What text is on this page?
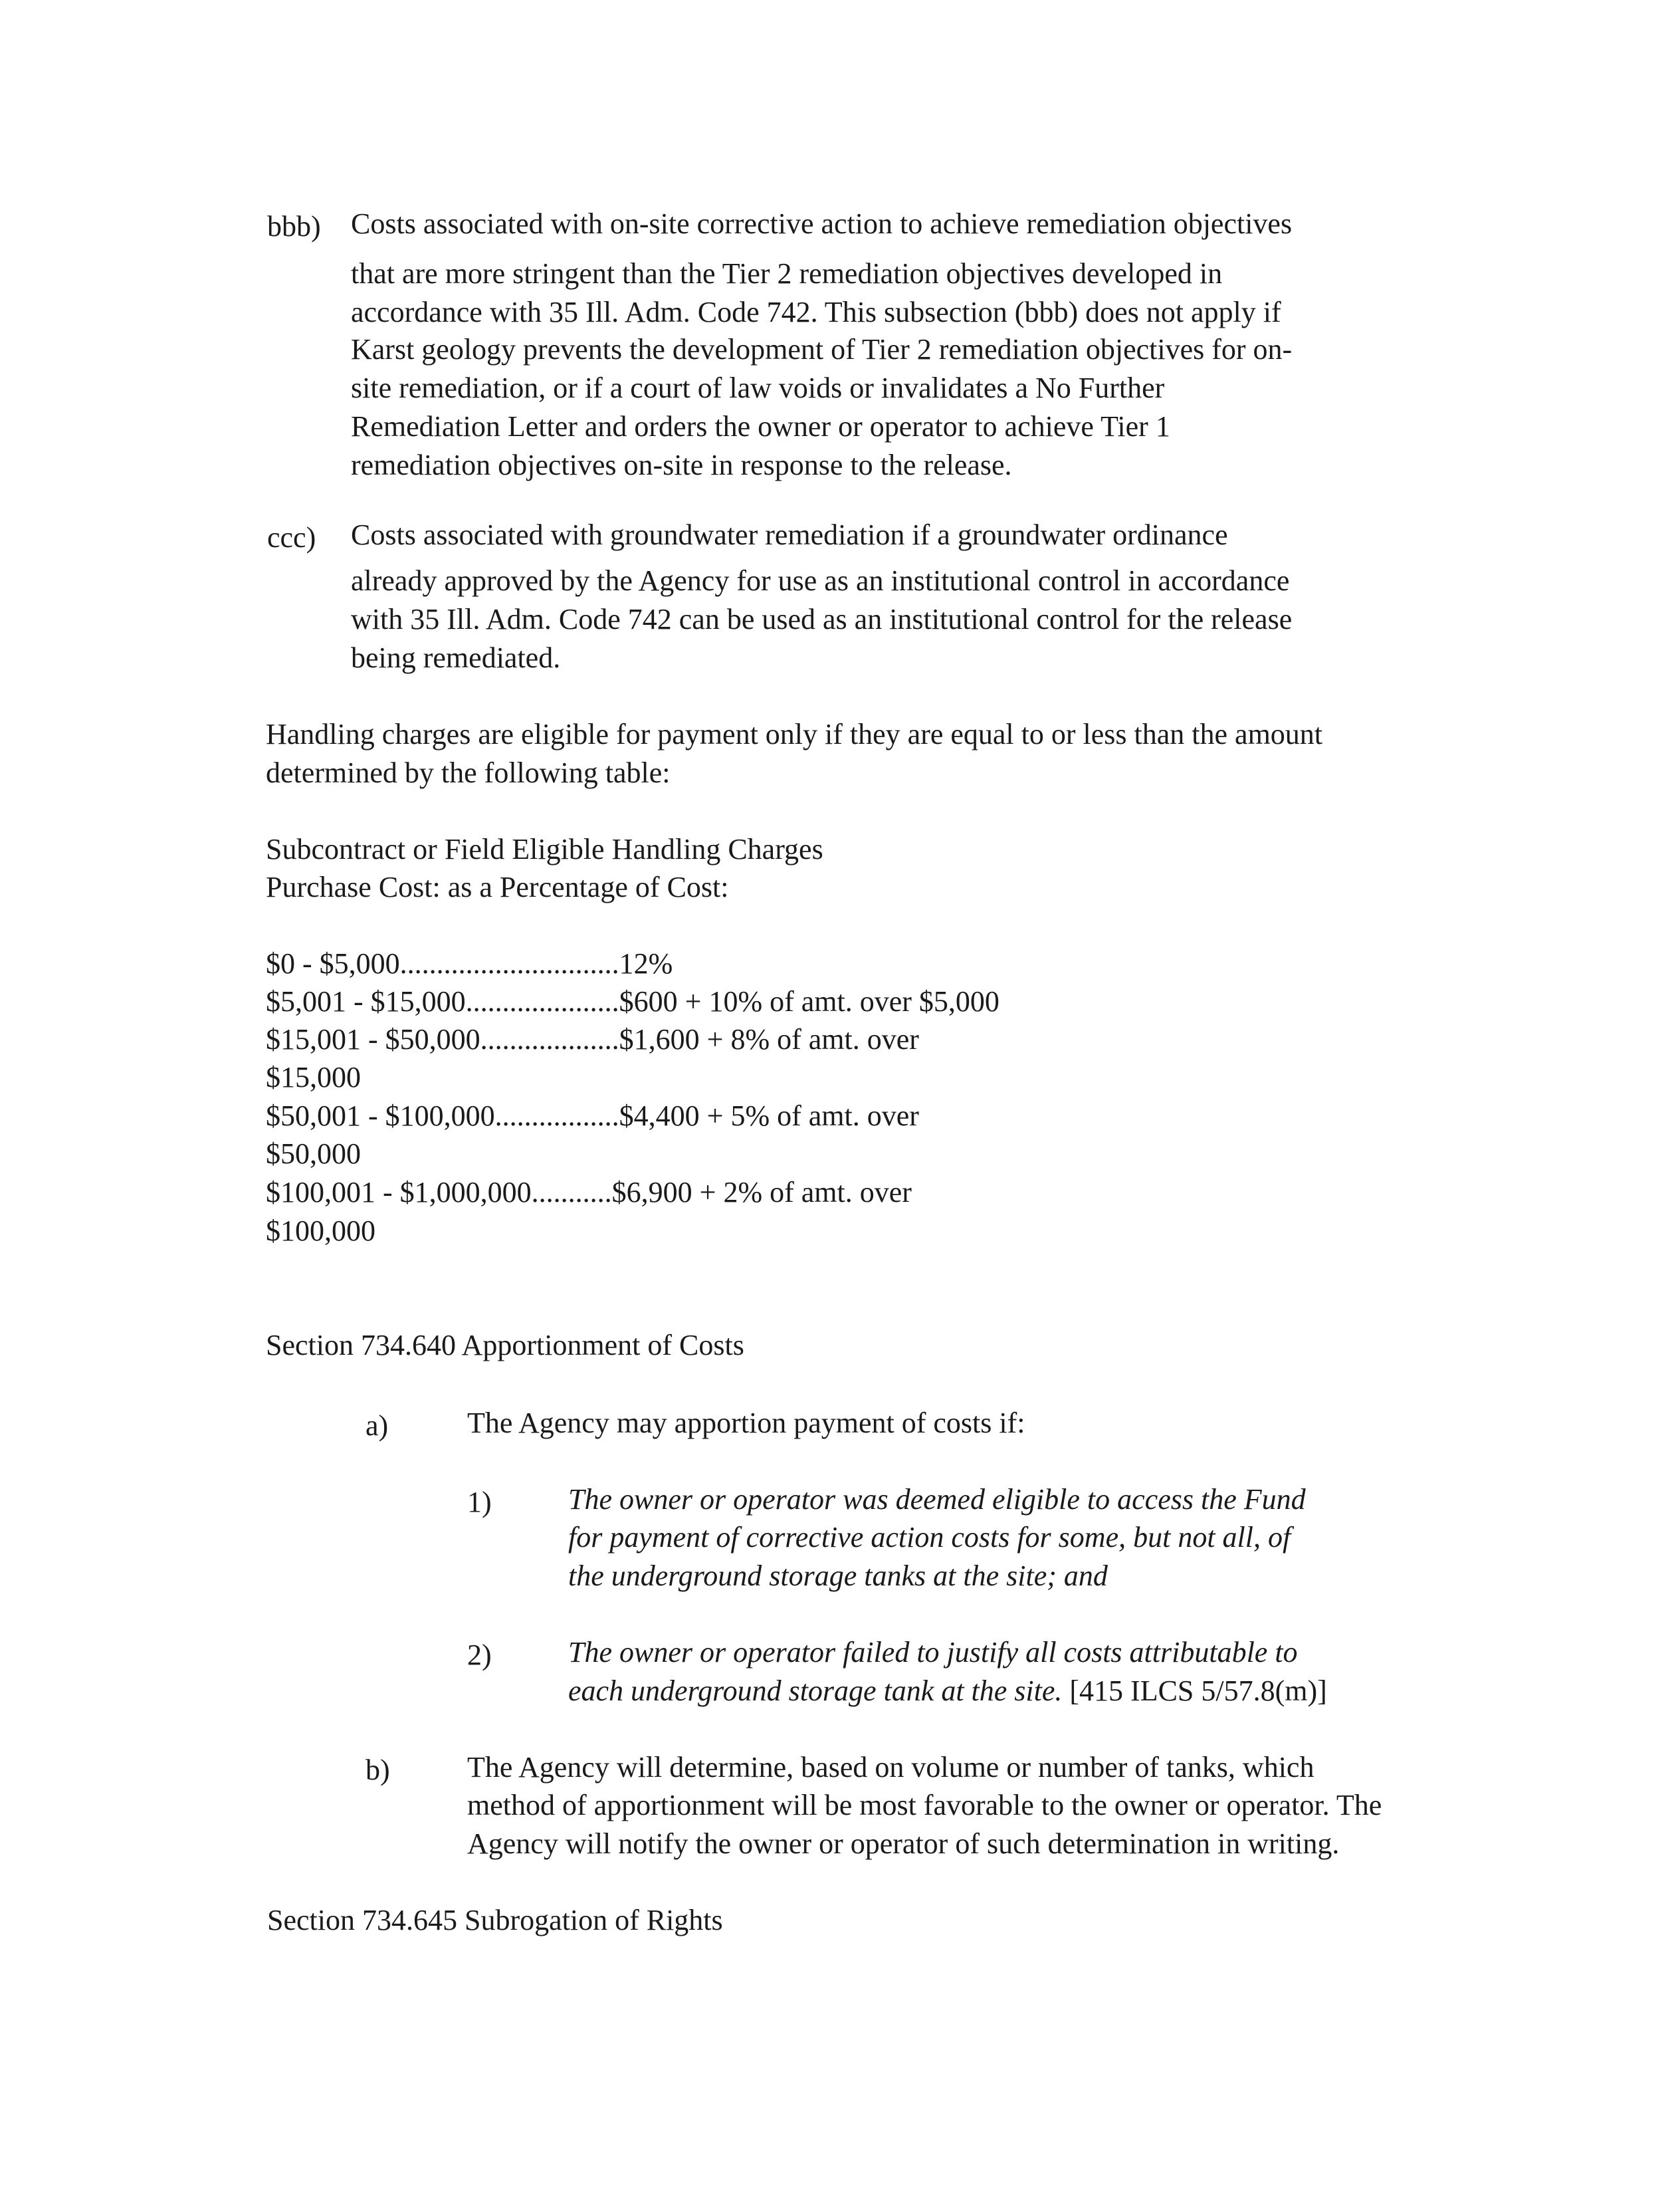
bbb) Costs associated with on-site corrective action to achieve remediation objectives
that are more stringent than the Tier 2 remediation objectives developed in
accordance with 35 Ill. Adm. Code 742. This subsection (bbb) does not apply if
Karst geology prevents the development of Tier 2 remediation objectives for on-
site remediation, or if a court of law voids or invalidates a No Further
Remediation Letter and orders the owner or operator to achieve Tier 1
remediation objectives on-site in response to the release.
ccc) Costs associated with groundwater remediation if a groundwater ordinance
already approved by the Agency for use as an institutional control in accordance
with 35 Ill. Adm. Code 742 can be used as an institutional control for the release
being remediated.
Handling charges are eligible for payment only if they are equal to or less than the amount
determined by the following table:
Subcontract or Field Eligible Handling Charges
Purchase Cost: as a Percentage of Cost:
$0 - $5,000..............................12%
$5,001 - $15,000.....................$600 + 10% of amt. over $5,000
$15,001 - $50,000...................$1,600 + 8% of amt. over
$15,000
$50,001 - $100,000.................$4,400 + 5% of amt. over
$50,000
$100,001 - $1,000,000...........$6,900 + 2% of amt. over
$100,000
Section 734.640 Apportionment of Costs
a)	The Agency may apportion payment of costs if:
1)	The owner or operator was deemed eligible to access the Fund
for payment of corrective action costs for some, but not all, of
the underground storage tanks at the site; and
2)	The owner or operator failed to justify all costs attributable to
each underground storage tank at the site. [415 ILCS 5/57.8(m)]
b)	The Agency will determine, based on volume or number of tanks, which
method of apportionment will be most favorable to the owner or operator. The
Agency will notify the owner or operator of such determination in writing.
Section 734.645 Subrogation of Rights
